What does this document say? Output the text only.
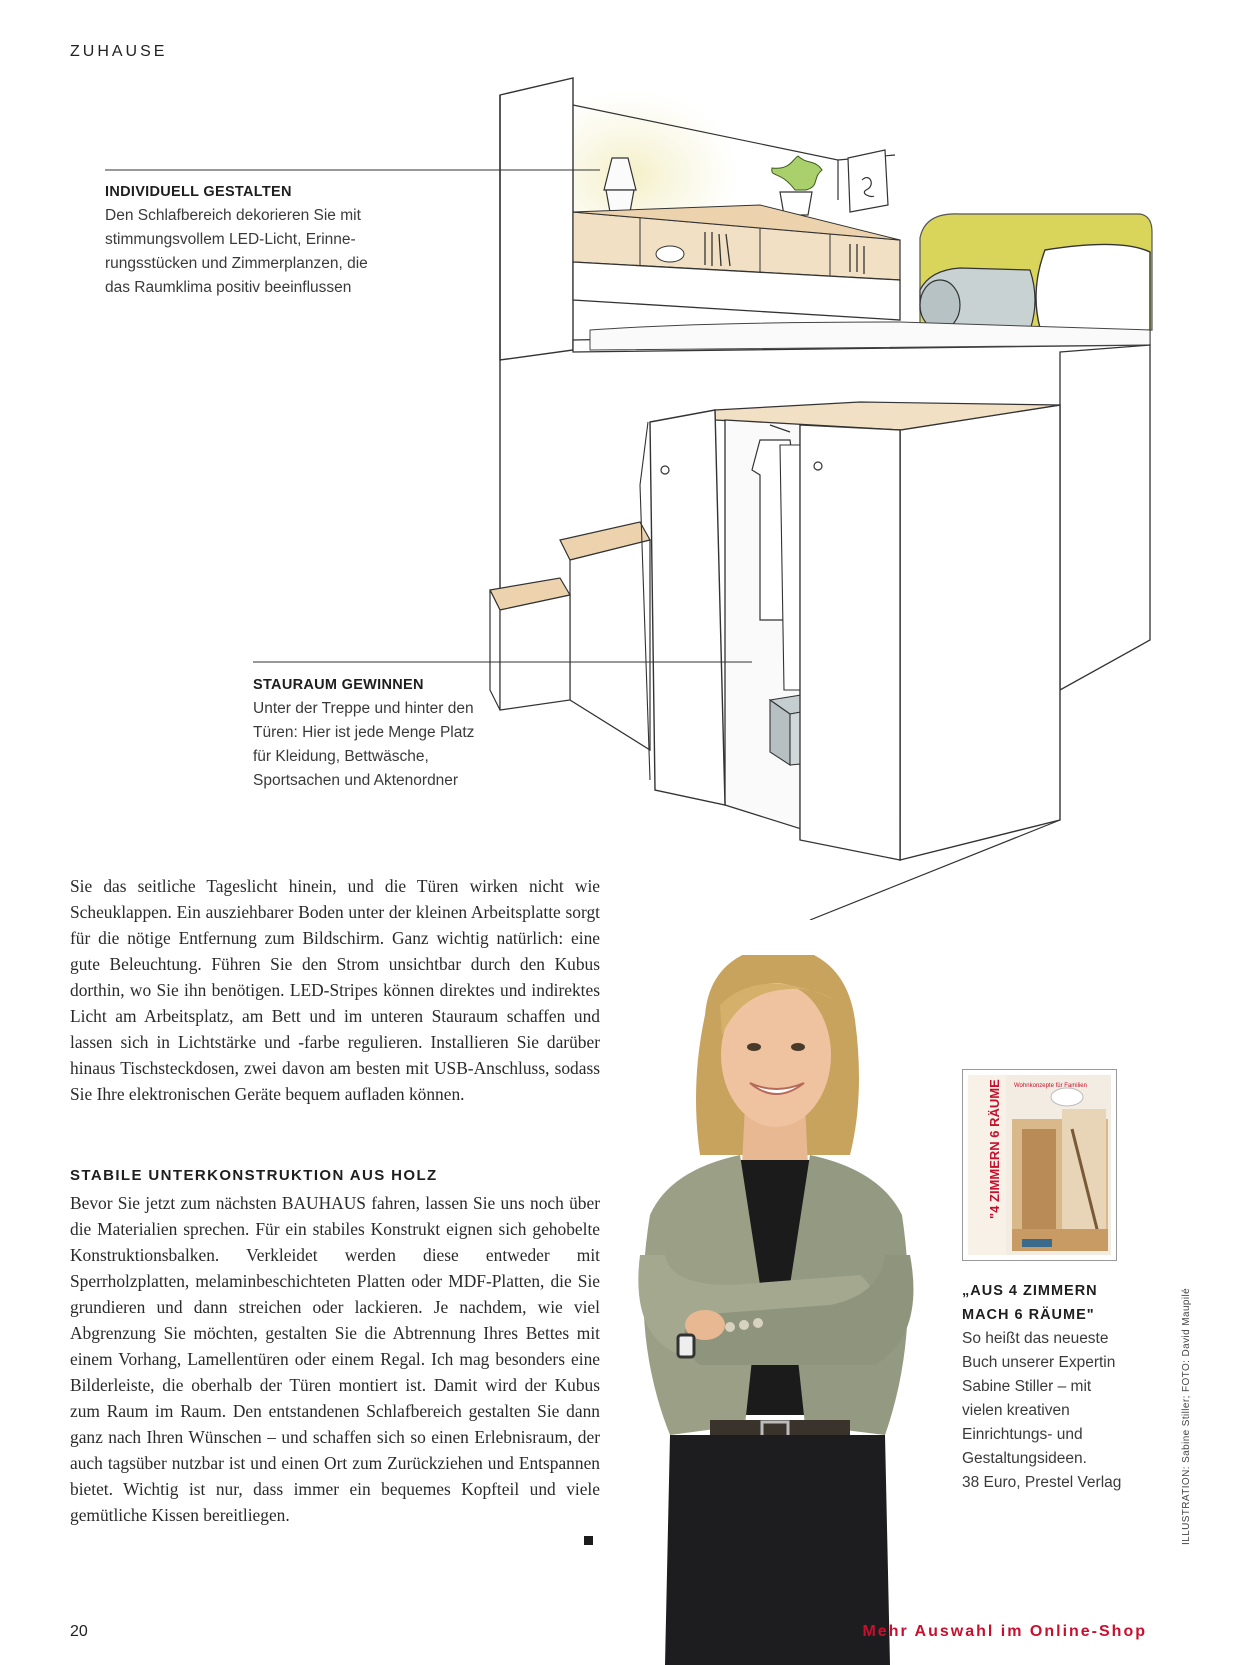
ZUHAUSE
INDIVIDUELL GESTALTEN
Den Schlafbereich dekorieren Sie mit
stimmungsvollem LED-Licht, Erinne-
rungsstücken und Zimmerplanzen, die
das Raumklima positiv beeinflussen
STAURAUM GEWINNEN
Unter der Treppe und hinter den
Türen: Hier ist jede Menge Platz
für Kleidung, Bettwäsche,
Sportsachen und Aktenordner

Sie das seitliche Tageslicht hinein, und die Türen wirken nicht wie Scheuklappen. Ein ausziehbarer Boden unter der kleinen Arbeitsplatte sorgt für die nötige Entfernung zum Bildschirm. Ganz wichtig natürlich: eine gute Beleuchtung. Führen Sie den Strom unsichtbar durch den Kubus dorthin, wo Sie ihn benötigen. LED-Stripes können direktes und indirektes Licht am Arbeitsplatz, am Bett und im unteren Stauraum schaffen und lassen sich in Lichtstärke und -farbe regulieren. Installieren Sie darüber hinaus Tischsteckdosen, zwei davon am besten mit USB-Anschluss, sodass Sie Ihre elektronischen Geräte bequem aufladen können.

STABILE UNTERKONSTRUKTION AUS HOLZ

Bevor Sie jetzt zum nächsten BAUHAUS fahren, lassen Sie uns noch über die Materialien sprechen. Für ein stabiles Konstrukt eignen sich gehobelte Konstruktionsbalken. Verkleidet werden diese entweder mit Sperrholzplatten, melaminbeschichteten Platten oder MDF-Platten, die Sie grundieren und dann streichen oder lackieren. Je nachdem, wie viel Abgrenzung Sie möchten, gestalten Sie die Abtrennung Ihres Bettes mit einem Vorhang, Lamellentüren oder einem Regal. Ich mag besonders eine Bilderleiste, die oberhalb der Türen montiert ist. Damit wird der Kubus zum Raum im Raum. Den entstandenen Schlafbereich gestalten Sie dann ganz nach Ihren Wünschen – und schaffen sich so einen Erlebnisraum, der auch tagsüber nutzbar ist und einen Ort zum Zurückziehen und Entspannen bietet. Wichtig ist nur, dass immer ein bequemes Kopfteil und viele gemütliche Kissen bereitliegen.

"4 ZIMMERN 6 RÄUME Wohnkonzepte für Familien
„AUS 4 ZIMMERN
MACH 6 RÄUME"
So heißt das neueste
Buch unserer Expertin
Sabine Stiller – mit
vielen kreativen
Einrichtungs- und
Gestaltungsideen.
38 Euro, Prestel Verlag	ILLUSTRATION: Sabine Stiller; FOTO: David Maupilé
20	Mehr Auswahl im Online-Shop
